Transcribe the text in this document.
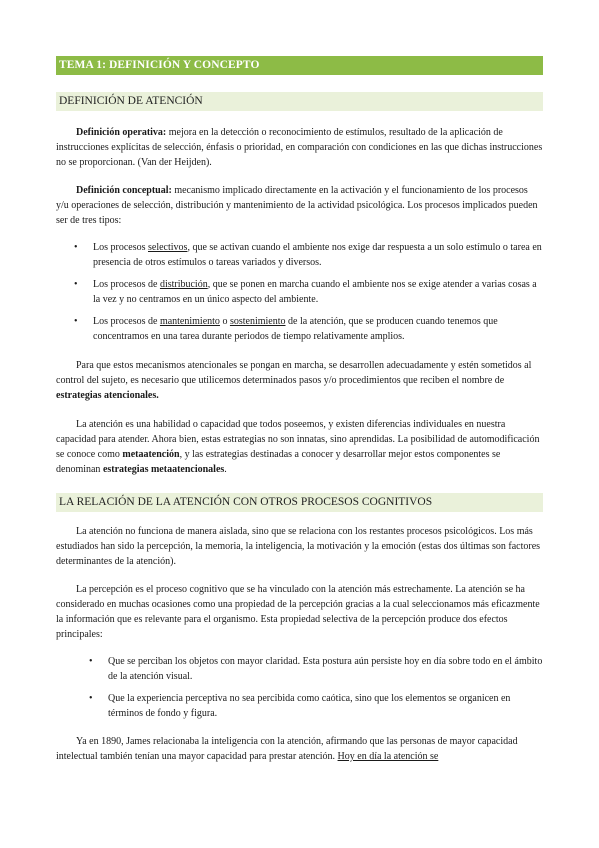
TEMA 1: DEFINICIÓN Y CONCEPTO
DEFINICIÓN DE ATENCIÓN

Definición operativa: mejora en la detección o reconocimiento de estímulos, resultado de la aplicación de instrucciones explícitas de selección, énfasis o prioridad, en comparación con condiciones en las que dichas instrucciones no se proporcionan. (Van der Heijden).

Definición conceptual: mecanismo implicado directamente en la activación y el funcionamiento de los procesos y/u operaciones de selección, distribución y mantenimiento de la actividad psicológica. Los procesos implicados pueden ser de tres tipos:

• Los procesos selectivos, que se activan cuando el ambiente nos exige dar respuesta a un solo estímulo o tarea en presencia de otros estímulos o tareas variados y diversos.
• Los procesos de distribución, que se ponen en marcha cuando el ambiente nos se exige atender a varias cosas a la vez y no centramos en un único aspecto del ambiente.
• Los procesos de mantenimiento o sostenimiento de la atención, que se producen cuando tenemos que concentramos en una tarea durante periodos de tiempo relativamente amplios.

Para que estos mecanismos atencionales se pongan en marcha, se desarrollen adecuadamente y estén sometidos al control del sujeto, es necesario que utilicemos determinados pasos y/o procedimientos que reciben el nombre de estrategias atencionales.

La atención es una habilidad o capacidad que todos poseemos, y existen diferencias individuales en nuestra capacidad para atender. Ahora bien, estas estrategias no son innatas, sino aprendidas. La posibilidad de automodificación se conoce como metaatención, y las estrategias destinadas a conocer y desarrollar mejor estos componentes se denominan estrategias metaatencionales.

LA RELACIÓN DE LA ATENCIÓN CON OTROS PROCESOS COGNITIVOS

La atención no funciona de manera aislada, sino que se relaciona con los restantes procesos psicológicos. Los más estudiados han sido la percepción, la memoria, la inteligencia, la motivación y la emoción (estas dos últimas son factores determinantes de la atención).

La percepción es el proceso cognitivo que se ha vinculado con la atención más estrechamente. La atención se ha considerado en muchas ocasiones como una propiedad de la percepción gracias a la cual seleccionamos más eficazmente la información que es relevante para el organismo. Esta propiedad selectiva de la percepción produce dos efectos principales:

• Que se perciban los objetos con mayor claridad. Esta postura aún persiste hoy en día sobre todo en el ámbito de la atención visual.
• Que la experiencia perceptiva no sea percibida como caótica, sino que los elementos se organicen en términos de fondo y figura.

Ya en 1890, James relacionaba la inteligencia con la atención, afirmando que las personas de mayor capacidad intelectual también tenían una mayor capacidad para prestar atención. Hoy en día la atención se
